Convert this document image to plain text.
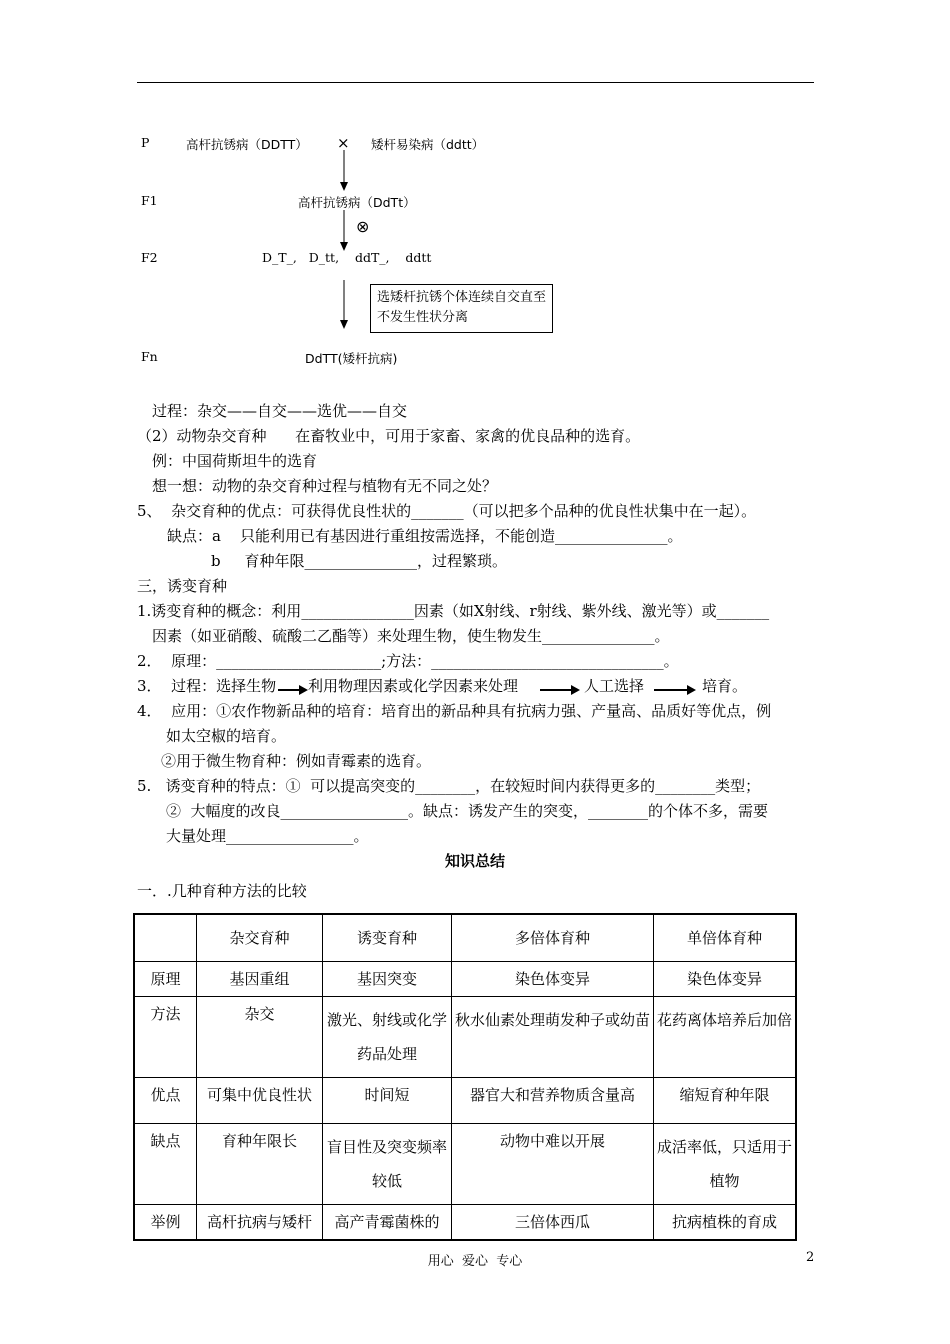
P	高杆抗锈病（DDTT） × 矮杆易染病（ddtt）
F1	高杆抗锈病（DdTt）
⊗
F2	D_T_,   D_tt,    ddT_,    ddtt
选矮杆抗锈个体连续自交直至不发生性状分离
Fn	DdTT(矮杆抗病)
过程：杂交——自交——选优——自交
（2）动物杂交育种      在畜牧业中，可用于家畜、家禽的优良品种的选育。
例：中国荷斯坦牛的选育
想一想：动物的杂交育种过程与植物有无不同之处？
5、  杂交育种的优点：可获得优良性状的_______（可以把多个品种的优良性状集中在一起）。
缺点：a    只能利用已有基因进行重组按需选择，不能创造_______________。
b     育种年限_______________，过程繁琐。
三，诱变育种
1.诱变育种的概念：利用_______________因素（如X射线、r射线、紫外线、激光等）或_______
因素（如亚硝酸、硫酸二乙酯等）来处理生物，使生物发生_______________。
2．  原理：______________________;方法：_______________________________。
3．  过程：选择生物 利用物理因素或化学因素来处理	人工选择	培育。
4．  应用：①农作物新品种的培育：培育出的新品种具有抗病力强、产量高、品质好等优点，例
如太空椒的培育。
②用于微生物育种：例如青霉素的选育。
5.   诱变育种的特点：①  可以提高突变的________，在较短时间内获得更多的________类型；
②  大幅度的改良_________________。缺点：诱发产生的突变，________的个体不多，需要
大量处理_________________。
知识总结
一．.几种育种方法的比较
	杂交育种	诱变育种	多倍体育种	单倍体育种
原理	基因重组	基因突变	染色体变异	染色体变异
方法	杂交	激光、射线或化学药品处理	秋水仙素处理萌发种子或幼苗	花药离体培养后加倍
优点	可集中优良性状	时间短	器官大和营养物质含量高	缩短育种年限
缺点	育种年限长	盲目性及突变频率较低	动物中难以开展	成活率低，只适用于植物
举例	高杆抗病与矮杆	高产青霉菌株的	三倍体西瓜	抗病植株的育成
用心  爱心  专心	2
